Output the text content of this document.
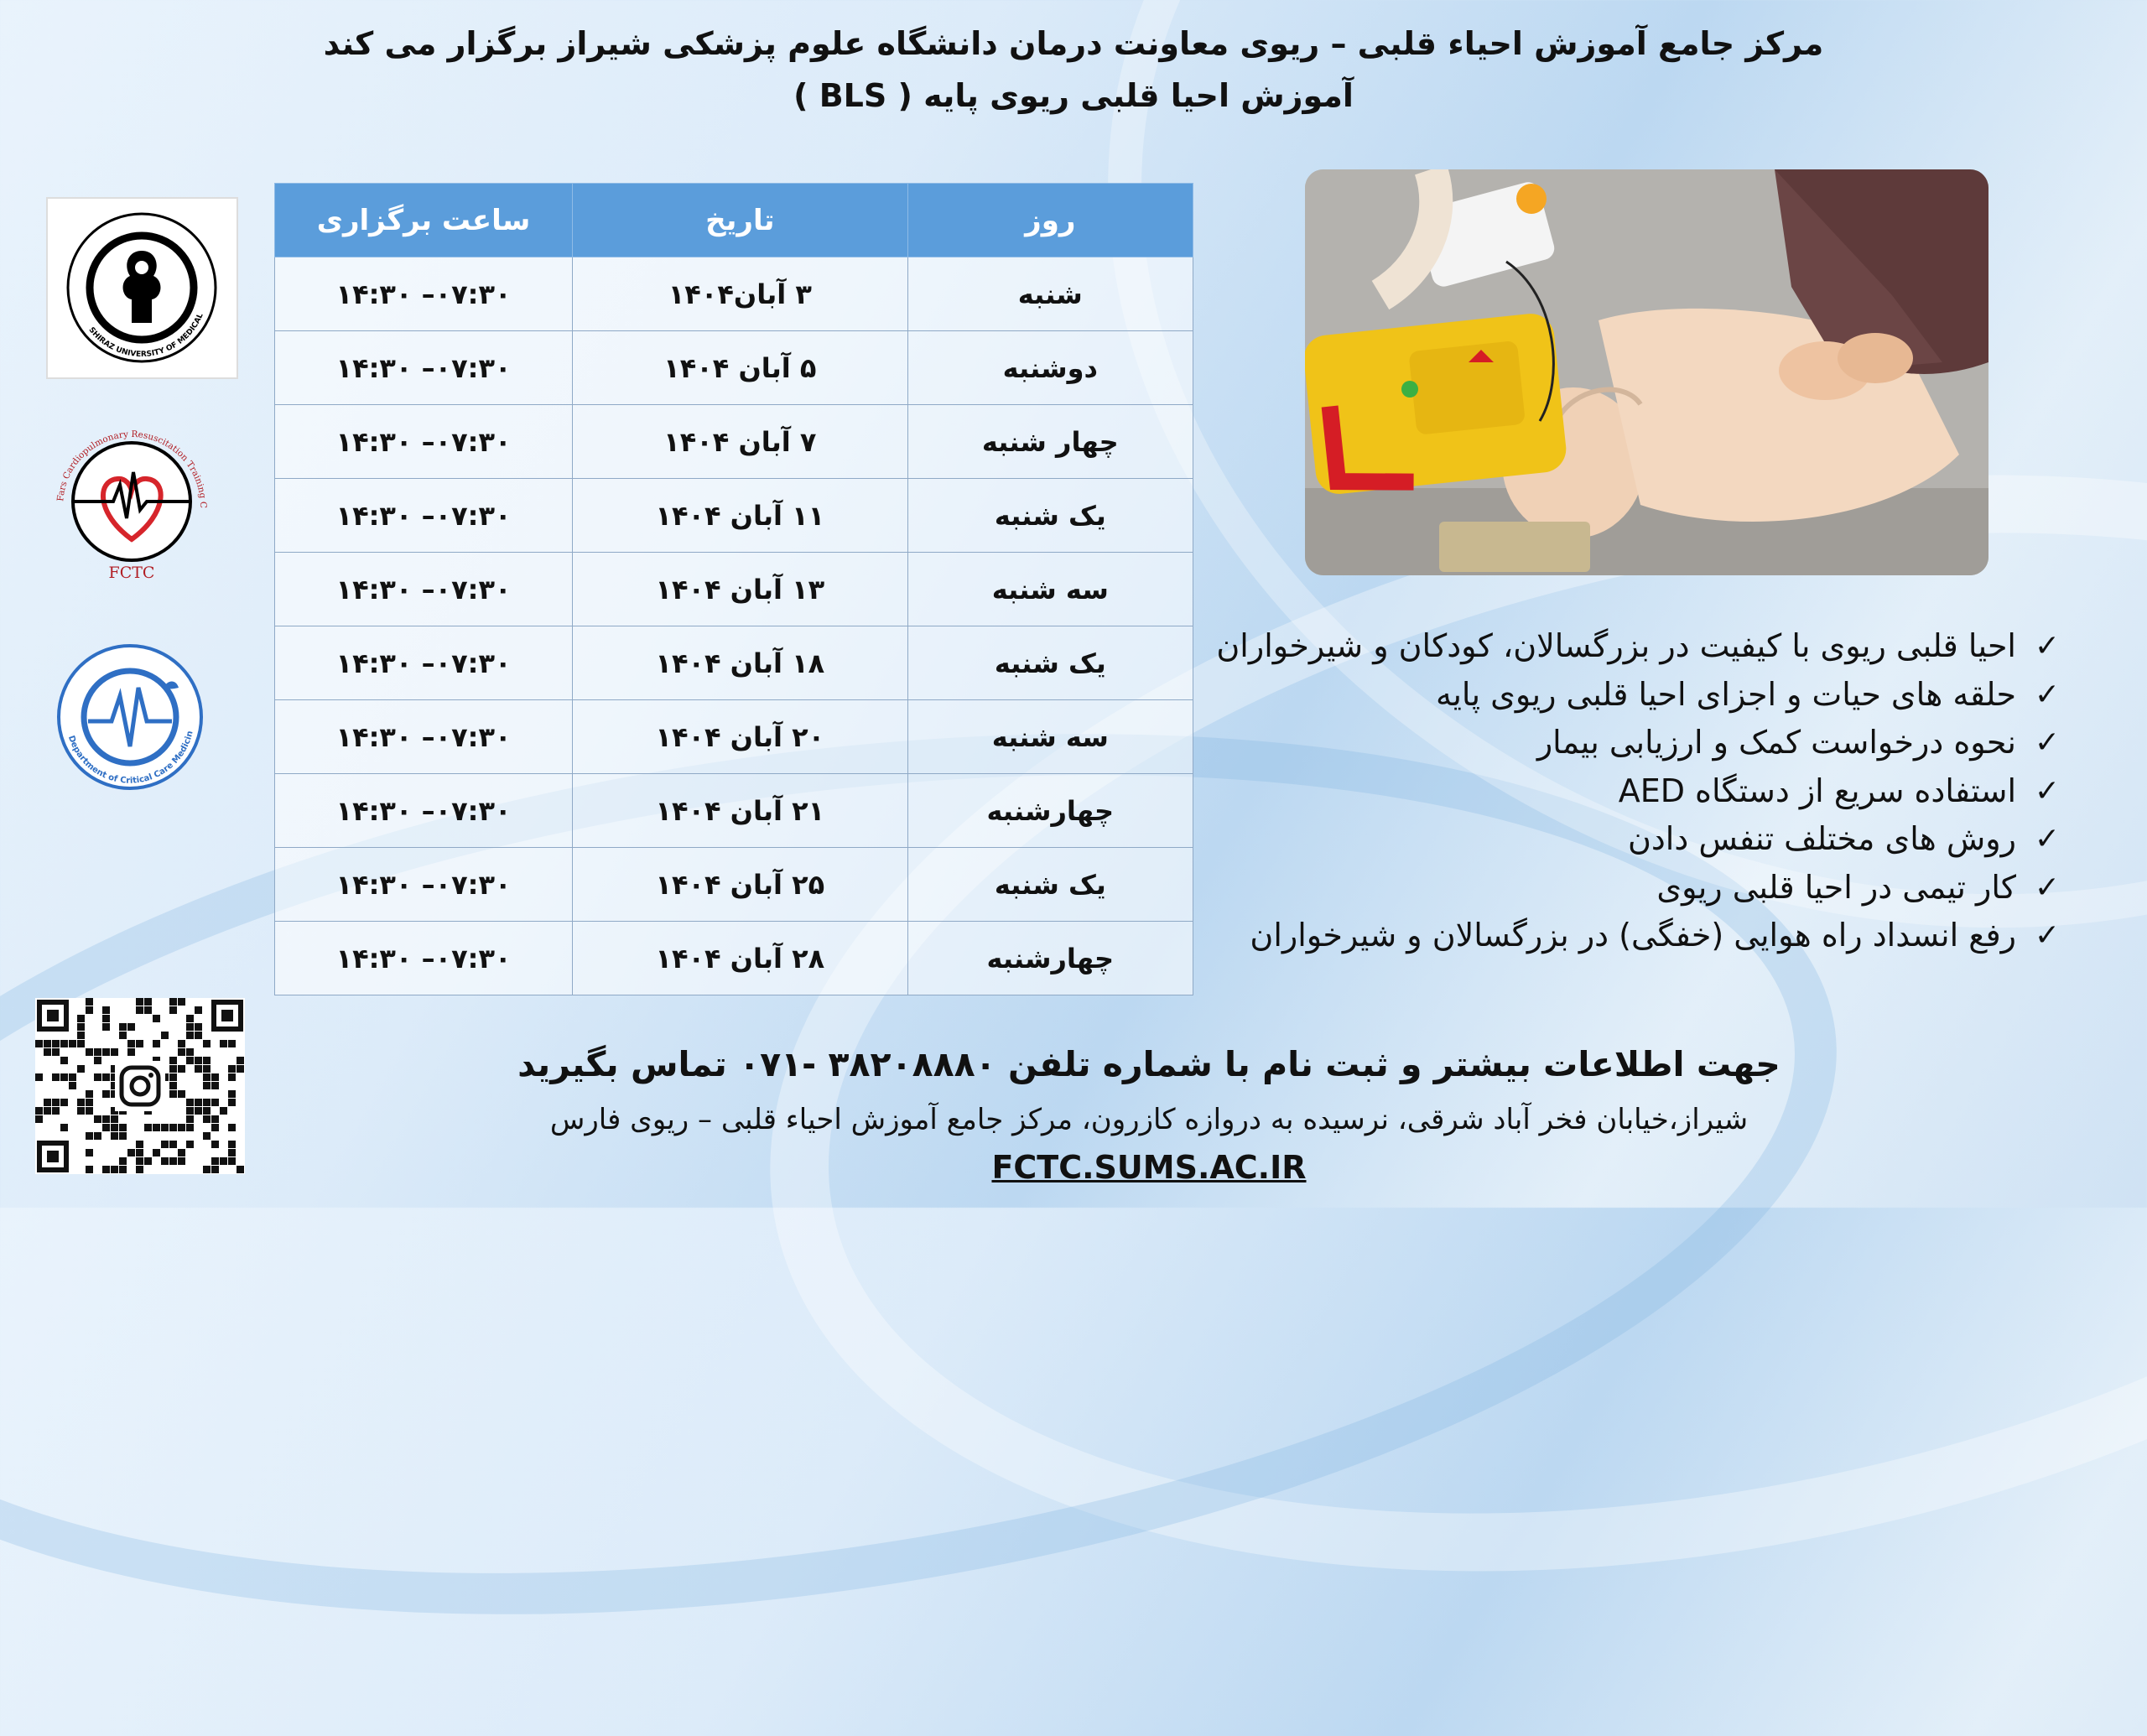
مرکز جامع آموزش احیاء قلبی – ریوی معاونت درمان دانشگاه علوم پزشکی شیراز برگزار می کند
آموزش احیا قلبی ریوی پایه ( BLS )
SHIRAZ UNIVERSITY OF MEDICAL
Fars Cardiopulmonary Resuscitation Training C
FCTC
Department of Critical Care Medicin
روز	تاریخ	ساعت برگزاری
شنبه	۳ آبان۱۴۰۴	۰۷:۳۰– ۱۴:۳۰
دوشنبه	۵ آبان ۱۴۰۴	۰۷:۳۰– ۱۴:۳۰
چهار شنبه	۷ آبان ۱۴۰۴	۰۷:۳۰– ۱۴:۳۰
یک شنبه	۱۱ آبان ۱۴۰۴	۰۷:۳۰– ۱۴:۳۰
سه شنبه	۱۳ آبان ۱۴۰۴	۰۷:۳۰– ۱۴:۳۰
یک شنبه	۱۸ آبان ۱۴۰۴	۰۷:۳۰– ۱۴:۳۰
سه شنبه	۲۰ آبان ۱۴۰۴	۰۷:۳۰– ۱۴:۳۰
چهارشنبه	۲۱ آبان ۱۴۰۴	۰۷:۳۰– ۱۴:۳۰
یک شنبه	۲۵ آبان ۱۴۰۴	۰۷:۳۰– ۱۴:۳۰
چهارشنبه	۲۸ آبان ۱۴۰۴	۰۷:۳۰– ۱۴:۳۰
✓
احیا قلبی ریوی با کیفیت در بزرگسالان، کودکان و شیرخواران
✓
حلقه های حیات و اجزای احیا قلبی ریوی پایه
✓
نحوه درخواست کمک و ارزیابی بیمار
✓
استفاده سریع از دستگاه AED
✓
روش های مختلف تنفس دادن
✓
کار تیمی در احیا قلبی ریوی
✓
رفع انسداد راه هوایی (خفگی) در بزرگسالان و شیرخواران
جهت اطلاعات بیشتر و ثبت نام با شماره تلفن ۳۸۲۰۸۸۸۰ -۰۷۱ تماس بگیرید
شیراز،خیابان فخر آباد شرقی، نرسیده به دروازه کازرون، مرکز جامع آموزش احیاء قلبی – ریوی فارس
FCTC.SUMS.AC.IR
